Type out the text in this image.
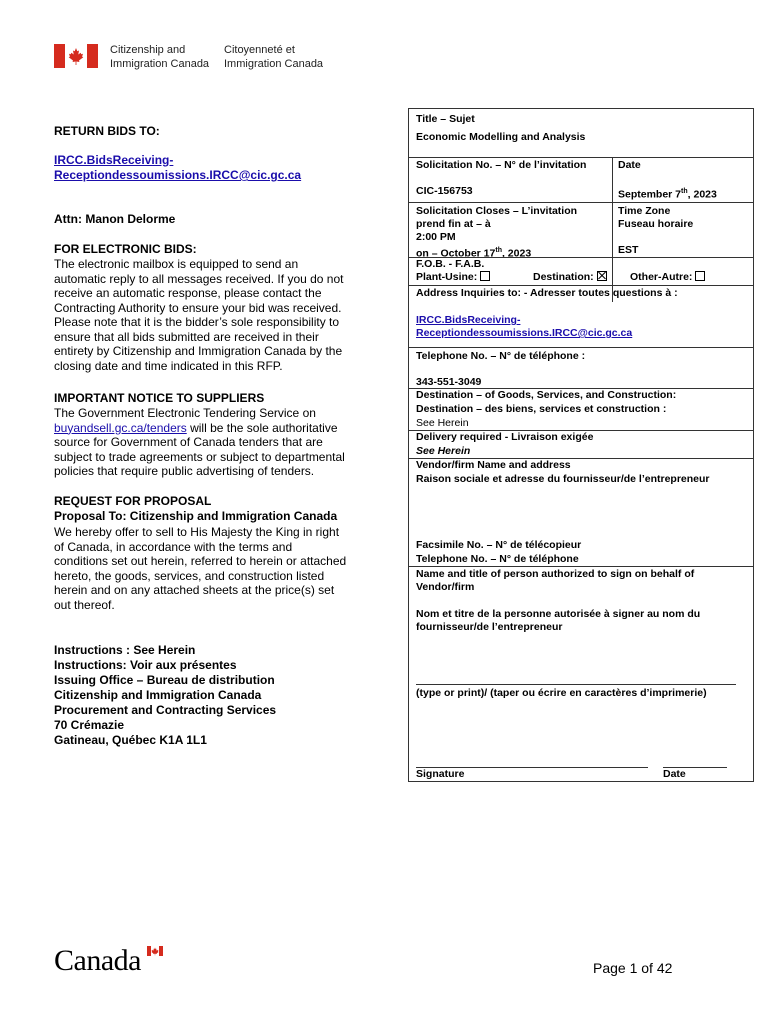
Citizenship and
Immigration Canada
Citoyenneté et
Immigration Canada
RETURN BIDS TO:
IRCC.BidsReceiving-
Receptiondessoumissions.IRCC@cic.gc.ca
Attn: Manon Delorme
FOR ELECTRONIC BIDS:
The electronic mailbox is equipped to send an
automatic reply to all messages received. If you do not
receive an automatic response, please contact the
Contracting Authority to ensure your bid was received.
Please note that it is the bidder’s sole responsibility to
ensure that all bids submitted are received in their
entirety by Citizenship and Immigration Canada by the
closing date and time indicated in this RFP.
IMPORTANT NOTICE TO SUPPLIERS
The Government Electronic Tendering Service on
buyandsell.gc.ca/tenders will be the sole authoritative
source for Government of Canada tenders that are
subject to trade agreements or subject to departmental
policies that require public advertising of tenders.
REQUEST FOR PROPOSAL
Proposal To: Citizenship and Immigration Canada
We hereby offer to sell to His Majesty the King in right
of Canada, in accordance with the terms and
conditions set out herein, referred to herein or attached
hereto, the goods, services, and construction listed
herein and on any attached sheets at the price(s) set
out thereof.
Instructions : See Herein
Instructions: Voir aux présentes
Issuing Office – Bureau de distribution
Citizenship and Immigration Canada
Procurement and Contracting Services
70 Crémazie
Gatineau, Québec K1A 1L1
Title – Sujet
Economic Modelling and Analysis
Solicitation No. – N° de l’invitation	Date
CIC-156753	September 7th, 2023
Solicitation Closes – L’invitation
prend fin at – à
2:00 PM
on – October 17th, 2023
Time Zone
Fuseau horaire
EST
F.O.B. - F.A.B.
Plant-Usine:	Destination:	Other-Autre:
Address Inquiries to: - Adresser toutes questions à :
IRCC.BidsReceiving-
Receptiondessoumissions.IRCC@cic.gc.ca
Telephone No. – N° de téléphone :
343-551-3049
Destination – of Goods, Services, and Construction:
Destination – des biens, services et construction :
See Herein
Delivery required - Livraison exigée
See Herein
Vendor/firm Name and address
Raison sociale et adresse du fournisseur/de l’entrepreneur
Facsimile No. – N° de télécopieur
Telephone No. – N° de téléphone
Name and title of person authorized to sign on behalf of
Vendor/firm
Nom et titre de la personne autorisée à signer au nom du
fournisseur/de l’entrepreneur
(type or print)/ (taper ou écrire en caractères d’imprimerie)
Signature	Date
Canada	Page 1 of 42
